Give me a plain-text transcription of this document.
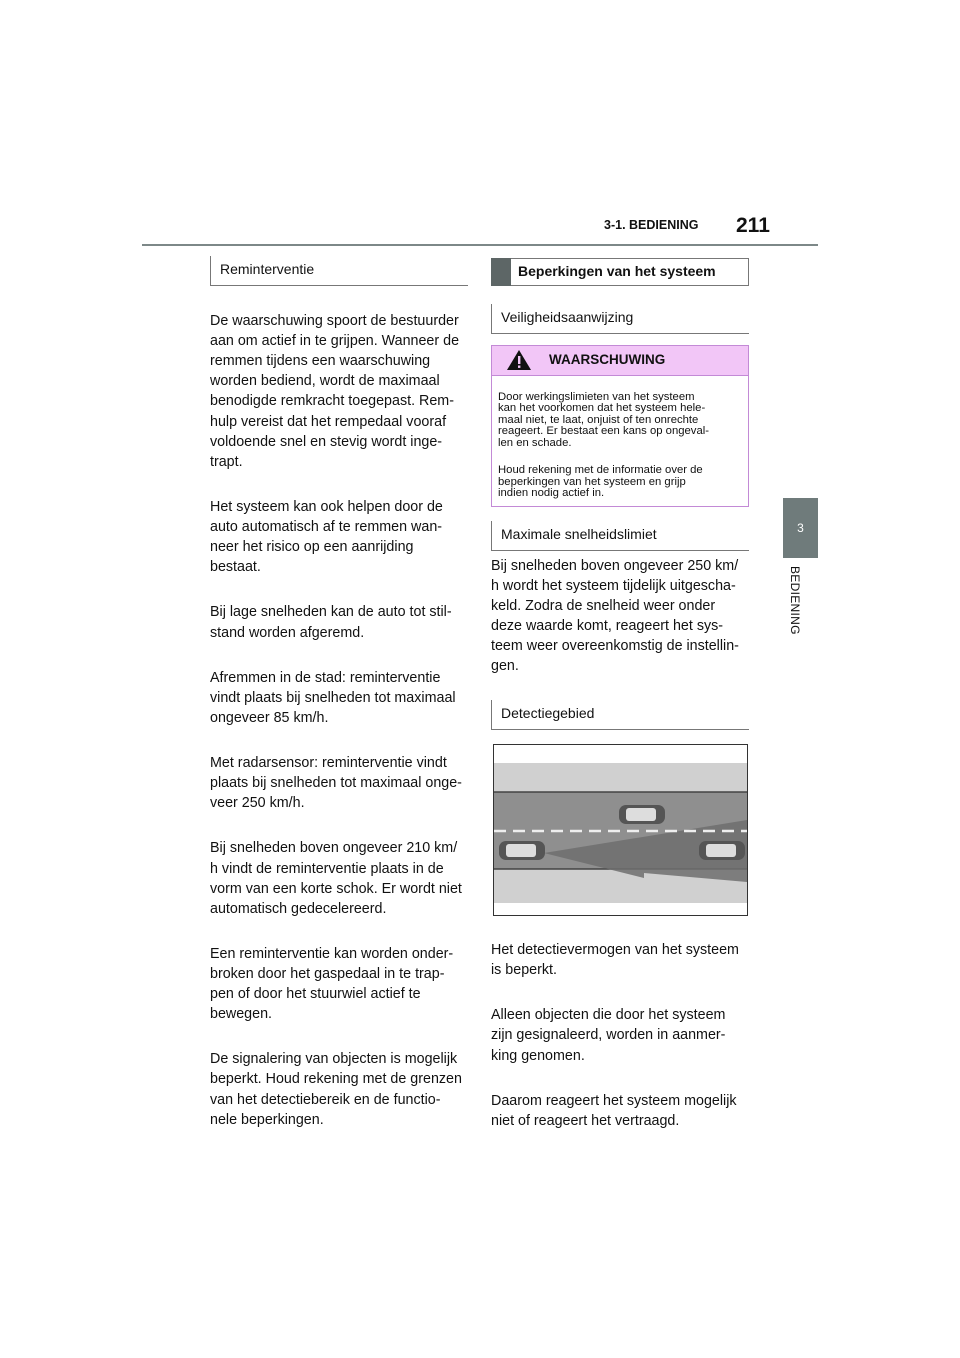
3-1. BEDIENING 211
3
BEDIENING
Reminterventie

De waarschuwing spoort de bestuurder
aan om actief in te grijpen. Wanneer de
remmen tijdens een waarschuwing
worden bediend, wordt de maximaal
benodigde remkracht toegepast. Rem-
hulp vereist dat het rempedaal vooraf
voldoende snel en stevig wordt inge-
trapt.

Het systeem kan ook helpen door de
auto automatisch af te remmen wan-
neer het risico op een aanrijding
bestaat.

Bij lage snelheden kan de auto tot stil-
stand worden afgeremd.

Afremmen in de stad: reminterventie
vindt plaats bij snelheden tot maximaal
ongeveer 85 km/h.

Met radarsensor: reminterventie vindt
plaats bij snelheden tot maximaal onge-
veer 250 km/h.

Bij snelheden boven ongeveer 210 km/
h vindt de reminterventie plaats in de
vorm van een korte schok. Er wordt niet
automatisch gedecelereerd.

Een reminterventie kan worden onder-
broken door het gaspedaal in te trap-
pen of door het stuurwiel actief te
bewegen.

De signalering van objecten is mogelijk
beperkt. Houd rekening met de grenzen
van het detectiebereik en de functio-
nele beperkingen.

Beperkingen van het systeem
Veiligheidsaanwijzing
WAARSCHUWING

Door werkingslimieten van het systeem
kan het voorkomen dat het systeem hele-
maal niet, te laat, onjuist of ten onrechte
reageert. Er bestaat een kans op ongeval-
len en schade.

Houd rekening met de informatie over de
beperkingen van het systeem en grijp
indien nodig actief in.

Maximale snelheidslimiet
Bij snelheden boven ongeveer 250 km/
h wordt het systeem tijdelijk uitgescha-
keld. Zodra de snelheid weer onder
deze waarde komt, reageert het sys-
teem weer overeenkomstig de instellin-
gen.
Detectiegebied

Het detectievermogen van het systeem
is beperkt.

Alleen objecten die door het systeem
zijn gesignaleerd, worden in aanmer-
king genomen.

Daarom reageert het systeem mogelijk
niet of reageert het vertraagd.
